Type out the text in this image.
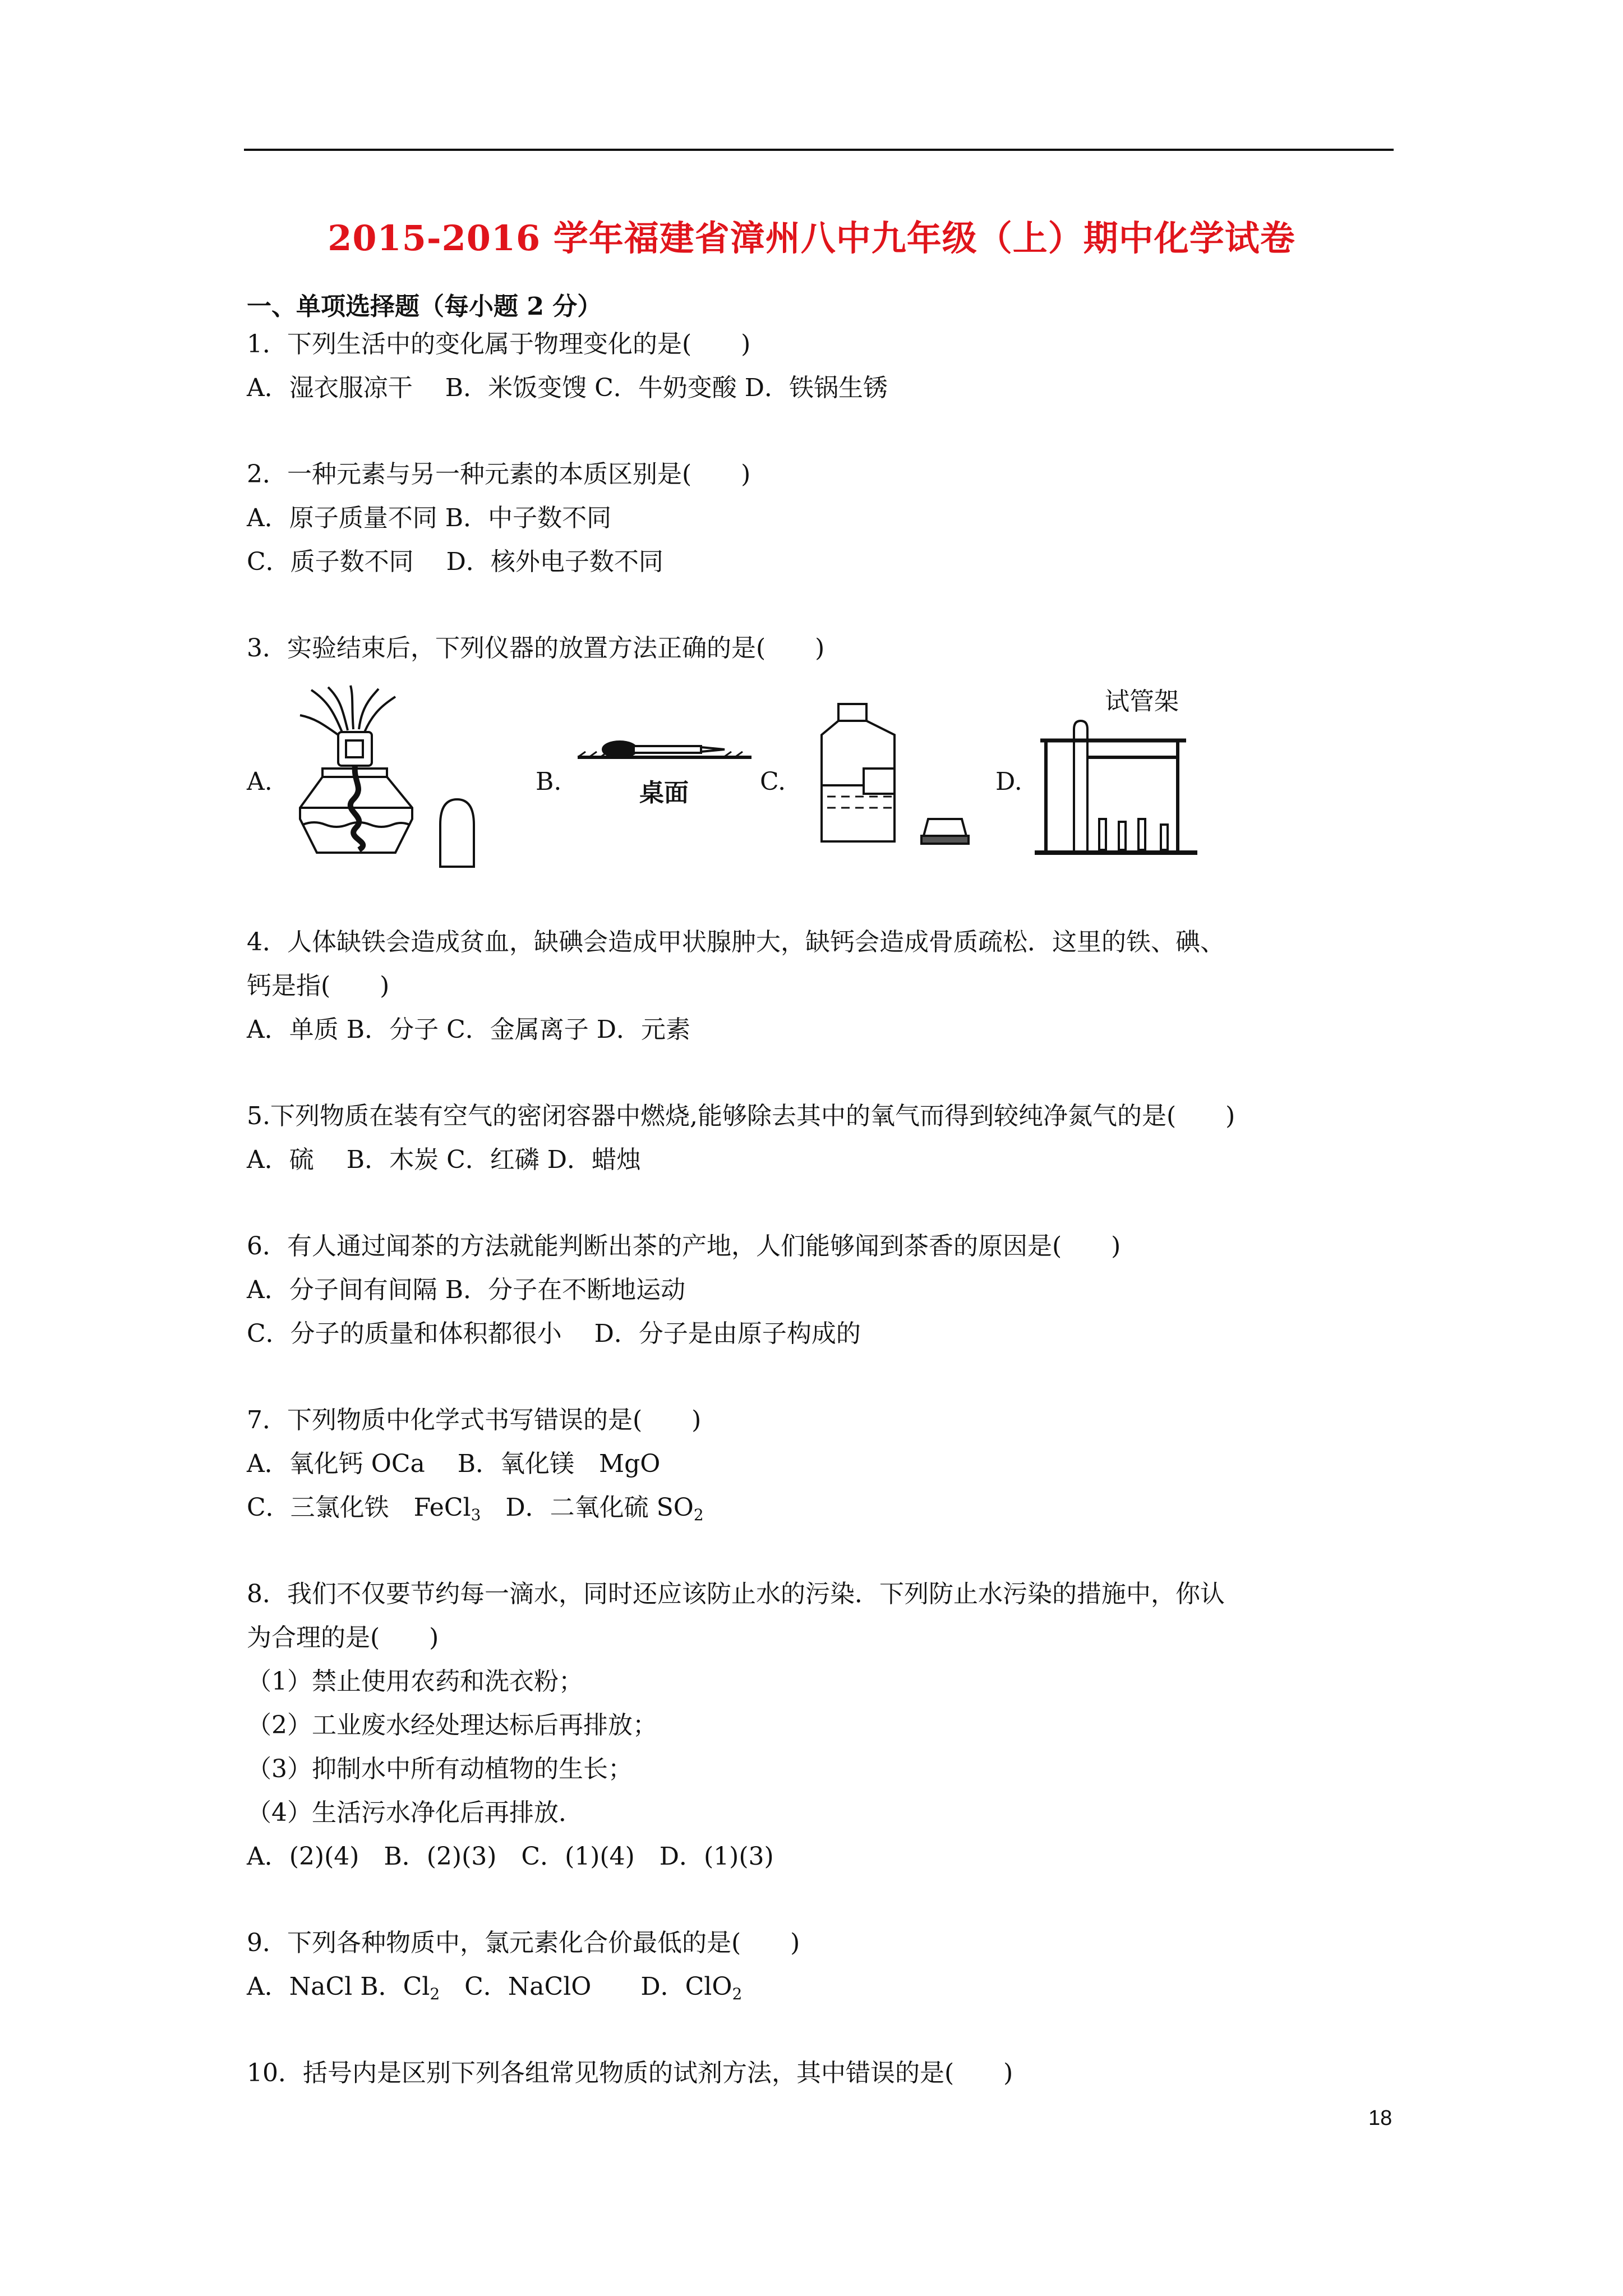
2015-2016 学年福建省漳州八中九年级（上）期中化学试卷
一、单项选择题（每小题 2 分）
1．下列生活中的变化属于物理变化的是(　　)
A．湿衣服凉干　 B．米饭变馊 C．牛奶变酸 D．铁锅生锈
2．一种元素与另一种元素的本质区别是(　　)
A．原子质量不同 B．中子数不同
C．质子数不同　 D．核外电子数不同
3．实验结束后，下列仪器的放置方法正确的是(　　)
A.	B.	C.	D.
桌面
试管架
4．人体缺铁会造成贫血，缺碘会造成甲状腺肿大，缺钙会造成骨质疏松．这里的铁、碘、
钙是指(　　)
A．单质 B．分子 C．金属离子 D．元素
5.下列物质在装有空气的密闭容器中燃烧,能够除去其中的氧气而得到较纯净氮气的是(　　)
A．硫　 B．木炭 C．红磷 D．蜡烛
6．有人通过闻茶的方法就能判断出茶的产地，人们能够闻到茶香的原因是(　　)
A．分子间有间隔 B．分子在不断地运动
C．分子的质量和体积都很小　 D．分子是由原子构成的
7．下列物质中化学式书写错误的是(　　)
A．氧化钙 OCa　 B．氧化镁　MgO
C．三氯化铁　FeCl$_3$　D．二氧化硫 $SO_2$
8．我们不仅要节约每一滴水，同时还应该防止水的污染．下列防止水污染的措施中，你认
为合理的是(　　)
（1）禁止使用农药和洗衣粉；
（2）工业废水经处理达标后再排放；
（3）抑制水中所有动植物的生长；
（4）生活污水净化后再排放．
A．(2)(4)　B．(2)(3)　C．(1)(4)　D．(1)(3)
9．下列各种物质中，氯元素化合价最低的是(　　)
A．NaCl B．$Cl_2$　C．NaClO　　D．ClO$_2$
10．括号内是区别下列各组常见物质的试剂方法，其中错误的是(　　)
18
